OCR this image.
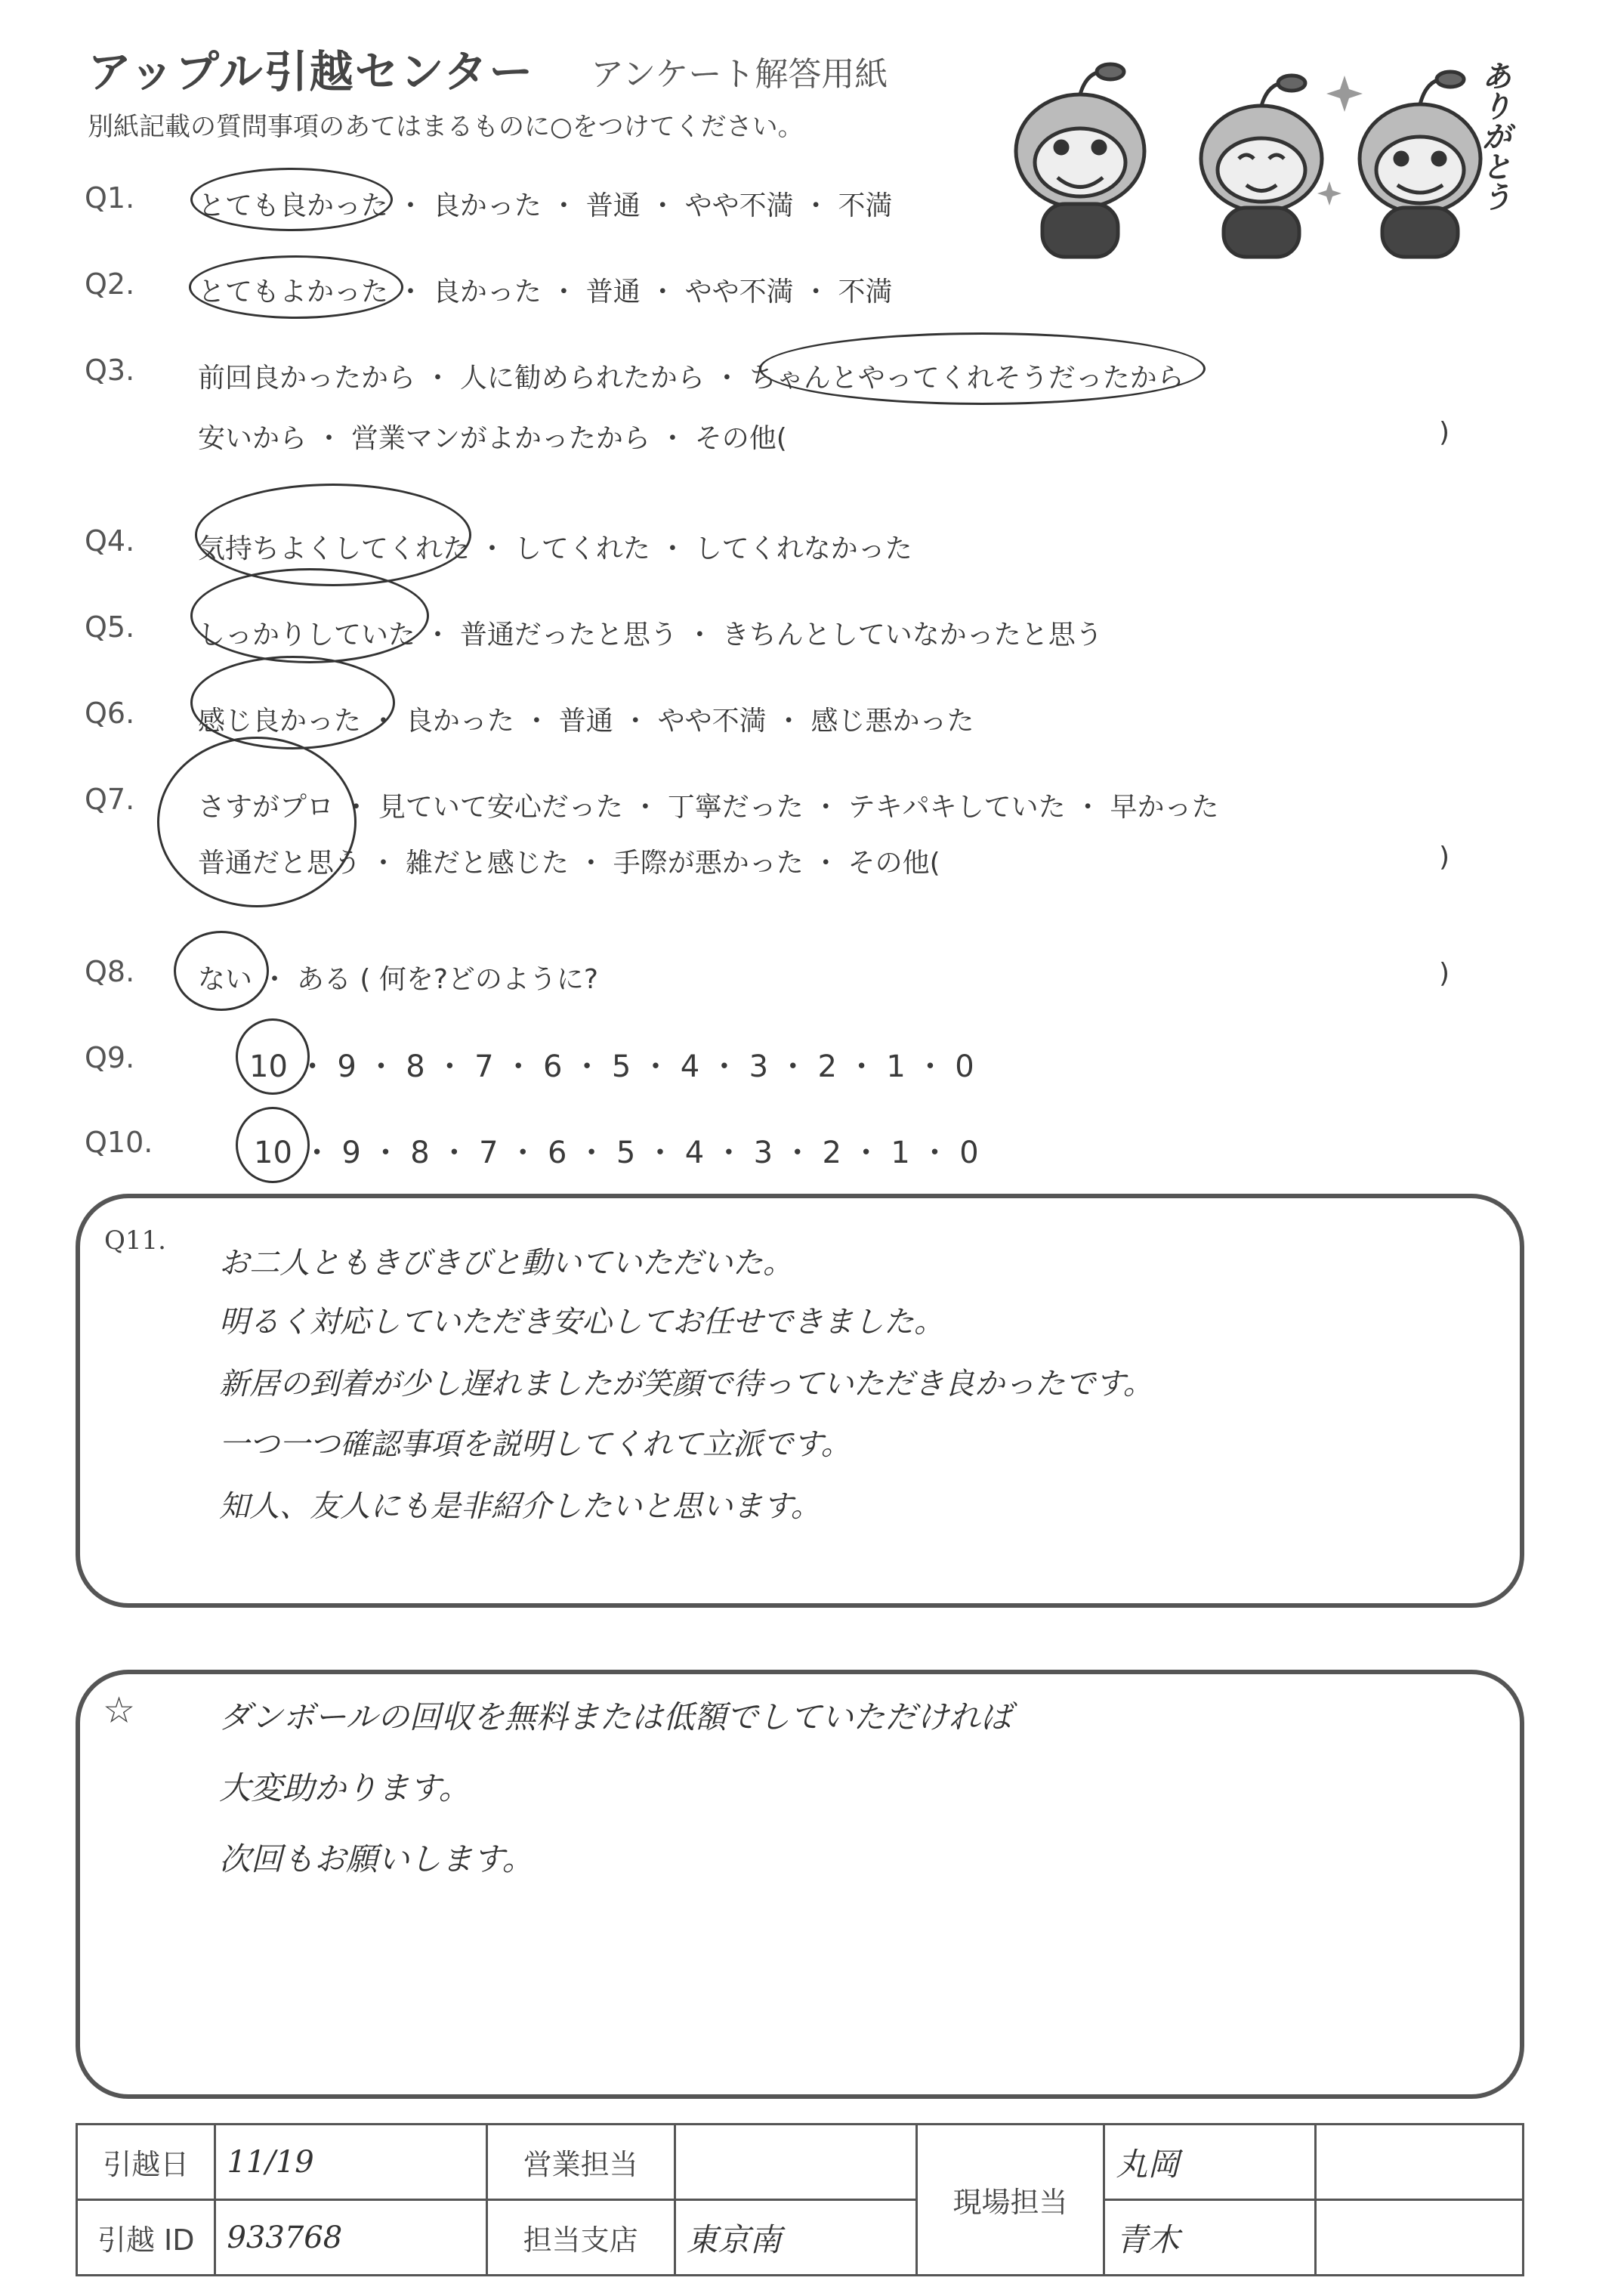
アップル引越センター アンケート解答用紙
別紙記載の質問事項のあてはまるものに○をつけてください。	ありがとう
Q1. とても良かった ・ 良かった ・ 普通 ・ やや不満 ・ 不満
Q2. とてもよかった ・ 良かった ・ 普通 ・ やや不満 ・ 不満
Q3. 前回良かったから ・ 人に勧められたから ・ ちゃんとやってくれそうだったから
安いから ・ 営業マンがよかったから ・ その他(	)
Q4. 気持ちよくしてくれた ・ してくれた ・ してくれなかった
Q5. しっかりしていた ・ 普通だったと思う ・ きちんとしていなかったと思う
Q6. 感じ良かった ・ 良かった ・ 普通 ・ やや不満 ・ 感じ悪かった
Q7. さすがプロ ・ 見ていて安心だった ・ 丁寧だった ・ テキパキしていた ・ 早かった
普通だと思う ・ 雑だと感じた ・ 手際が悪かった ・ その他(	)
Q8. ない ・ ある ( 何を?どのように?	)
Q9.	10 ・ 9 ・ 8 ・ 7 ・ 6 ・ 5 ・ 4 ・ 3 ・ 2 ・ 1 ・ 0
Q10.	10 ・ 9 ・ 8 ・ 7 ・ 6 ・ 5 ・ 4 ・ 3 ・ 2 ・ 1 ・ 0
Q11.
お二人ともきびきびと動いていただいた。
明るく対応していただき安心してお任せできました。
新居の到着が少し遅れましたが笑顔で待っていただき良かったです。
一つ一つ確認事項を説明してくれて立派です。
知人、友人にも是非紹介したいと思います。
☆	ダンボールの回収を無料または低額でしていただければ
大変助かります。
次回もお願いします。
引越日	11/19	営業担当		現場担当	丸岡	
引越 ID	933768	担当支店	東京南		青木	
